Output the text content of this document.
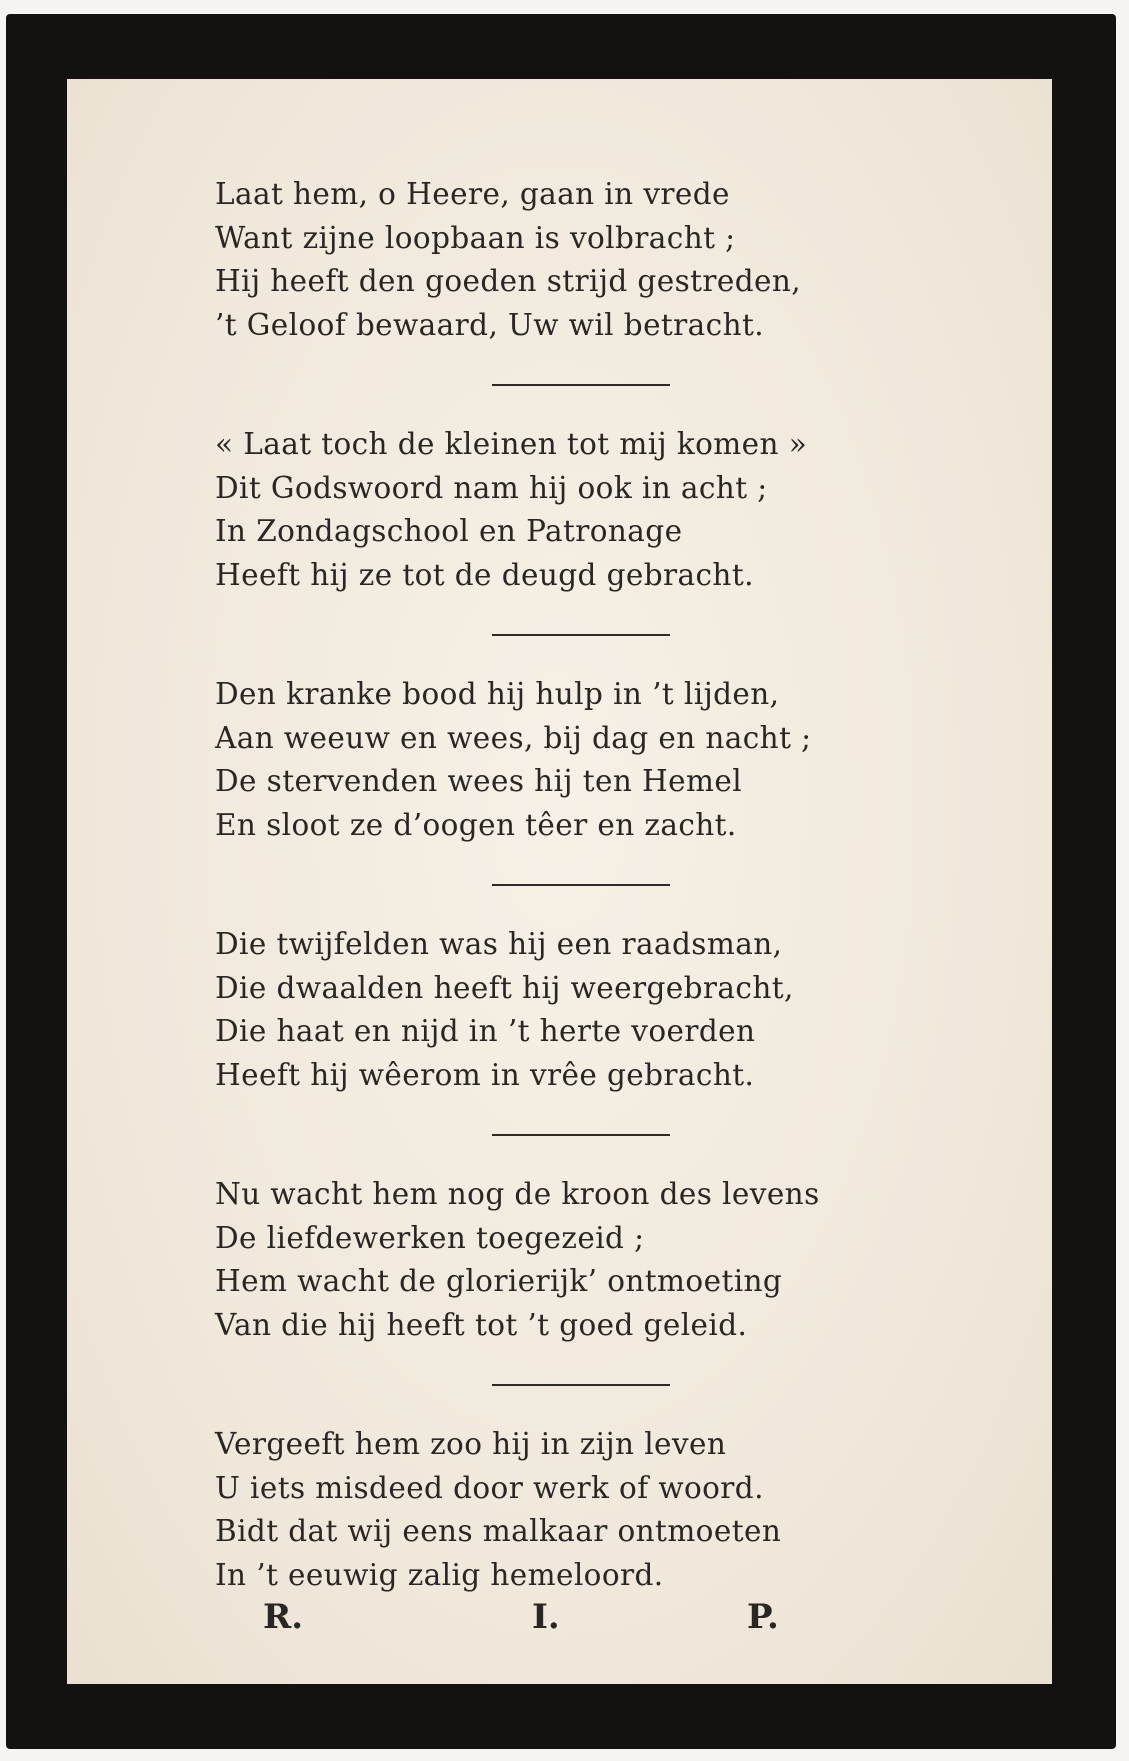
Laat hem, o Heere, gaan in vrede
Want zijne loopbaan is volbracht ;
Hij heeft den goeden strijd gestreden,
’t Geloof bewaard, Uw wil betracht.
« Laat toch de kleinen tot mij komen »
Dit Godswoord nam hij ook in acht ;
In Zondagschool en Patronage
Heeft hij ze tot de deugd gebracht.
Den kranke bood hij hulp in ’t lijden,
Aan weeuw en wees, bij dag en nacht ;
De stervenden wees hij ten Hemel
En sloot ze d’oogen têer en zacht.
Die twijfelden was hij een raadsman,
Die dwaalden heeft hij weergebracht,
Die haat en nijd in ’t herte voerden
Heeft hij wêerom in vrêe gebracht.
Nu wacht hem nog de kroon des levens
De liefdewerken toegezeid ;
Hem wacht de glorierijk’ ontmoeting
Van die hij heeft tot ’t goed geleid.
Vergeeft hem zoo hij in zijn leven
U iets misdeed door werk of woord.
Bidt dat wij eens malkaar ontmoeten
In ’t eeuwig zalig hemeloord.
R.	I.	P.
